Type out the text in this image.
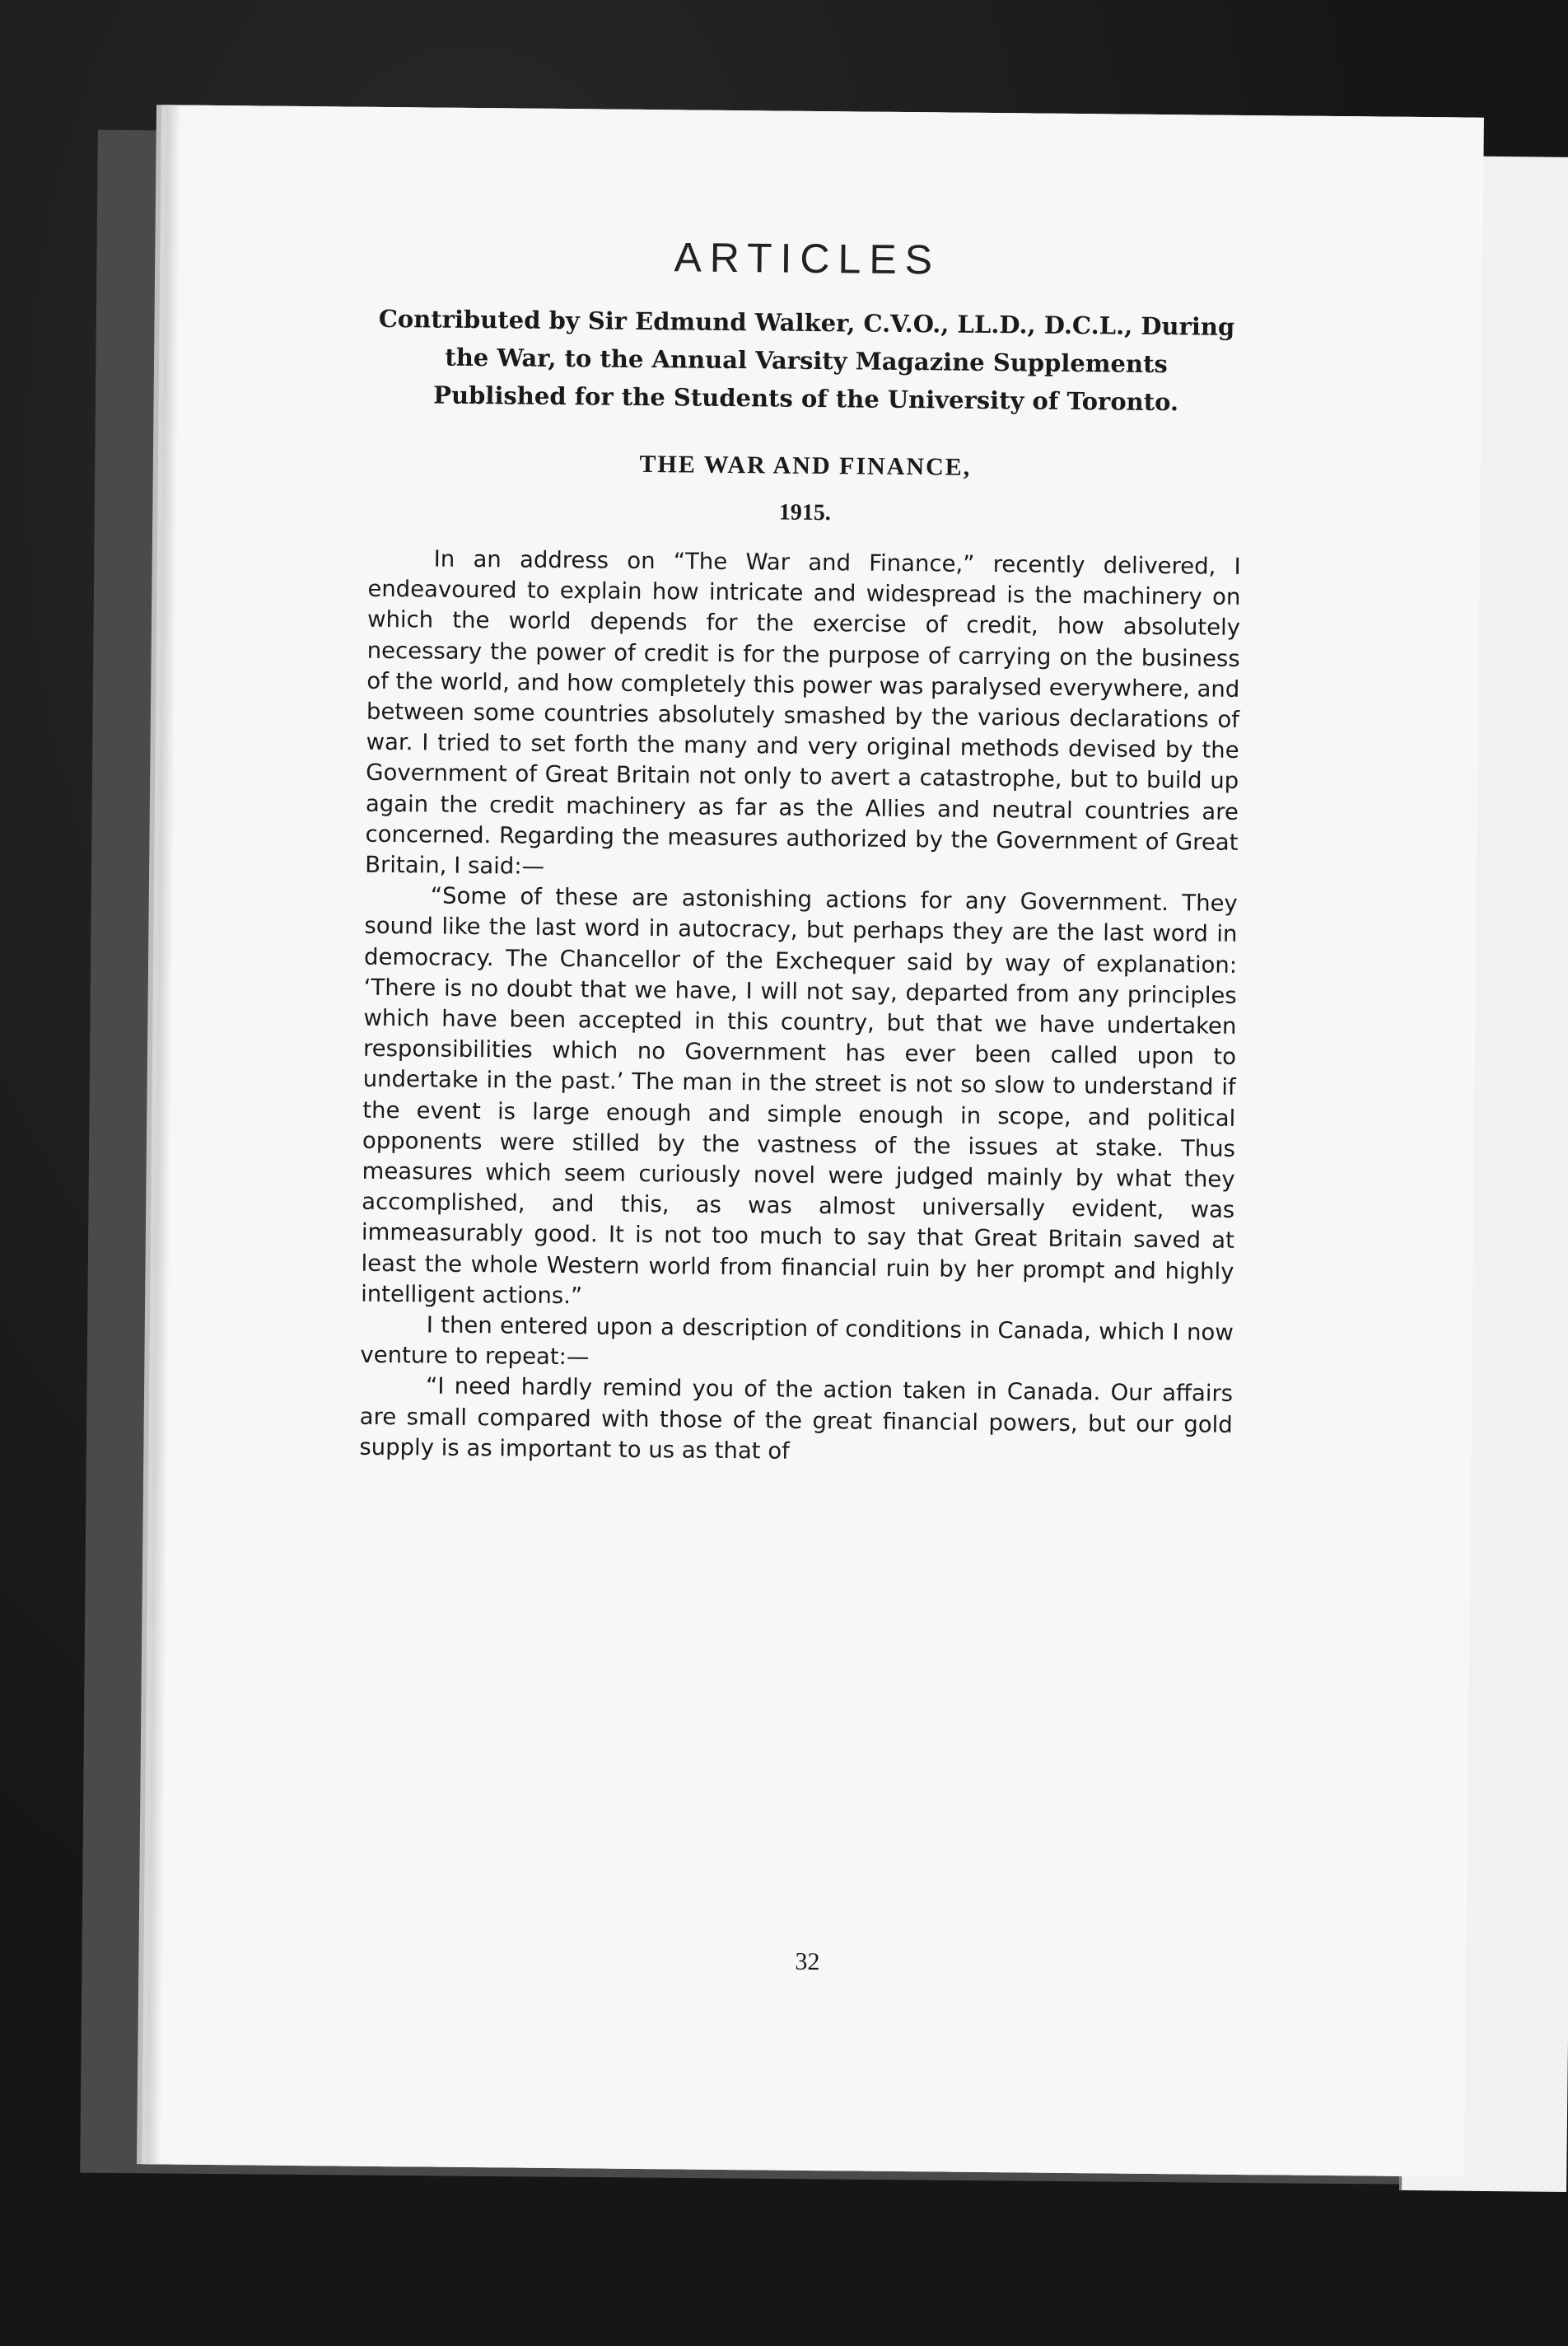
ARTICLES
Contributed by Sir Edmund Walker, C.V.O., LL.D., D.C.L., During
the War, to the Annual Varsity Magazine Supplements
Published for the Students of the University of Toronto.
THE WAR AND FINANCE,
1915.

In an address on “The War and Finance,” recently delivered, I endeavoured to explain how intricate and widespread is the machinery on which the world depends for the exercise of credit, how absolutely necessary the power of credit is for the purpose of carrying on the business of the world, and how completely this power was paralysed everywhere, and between some countries absolutely smashed by the various declarations of war. I tried to set forth the many and very original methods devised by the Government of Great Britain not only to avert a catastrophe, but to build up again the credit machinery as far as the Allies and neutral countries are concerned. Regarding the measures authorized by the Government of Great Britain, I said:—

“Some of these are astonishing actions for any Government. They sound like the last word in autocracy, but perhaps they are the last word in democracy. The Chancellor of the Exchequer said by way of explanation: ‘There is no doubt that we have, I will not say, departed from any principles which have been accepted in this country, but that we have undertaken responsibilities which no Government has ever been called upon to undertake in the past.’ The man in the street is not so slow to understand if the event is large enough and simple enough in scope, and political opponents were stilled by the vastness of the issues at stake. Thus measures which seem curiously novel were judged mainly by what they accomplished, and this, as was almost universally evident, was immeasurably good. It is not too much to say that Great Britain saved at least the whole Western world from financial ruin by her prompt and highly intelligent actions.”

I then entered upon a description of conditions in Canada, which I now venture to repeat:—

“I need hardly remind you of the action taken in Canada. Our affairs are small compared with those of the great financial powers, but our gold supply is as important to us as that of

32
